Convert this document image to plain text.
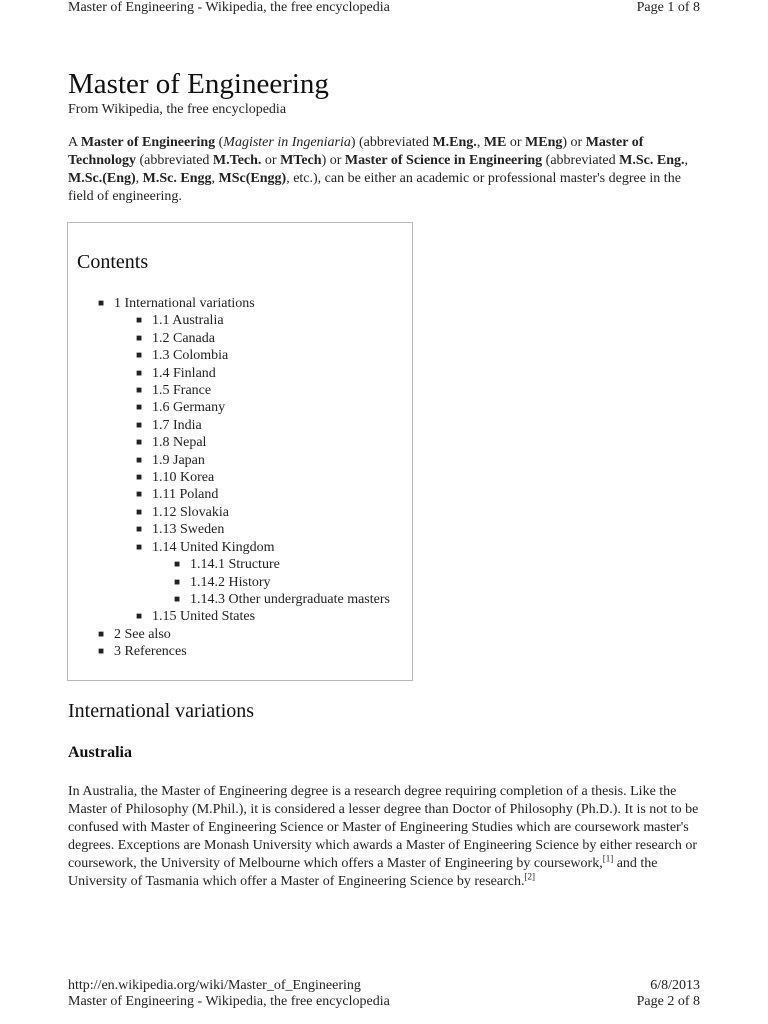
Master of Engineering - Wikipedia, the free encyclopedia	Page 1 of 8
Master of Engineering
From Wikipedia, the free encyclopedia

A Master of Engineering (Magister in Ingeniaria) (abbreviated M.Eng., ME or MEng) or Master of Technology (abbreviated M.Tech. or MTech) or Master of Science in Engineering (abbreviated M.Sc. Eng., M.Sc.(Eng), M.Sc. Engg, MSc(Engg), etc.), can be either an academic or professional master's degree in the field of engineering.

Contents
■ 1 International variations
■ 1.1 Australia
■ 1.2 Canada
■ 1.3 Colombia
■ 1.4 Finland
■ 1.5 France
■ 1.6 Germany
■ 1.7 India
■ 1.8 Nepal
■ 1.9 Japan
■ 1.10 Korea
■ 1.11 Poland
■ 1.12 Slovakia
■ 1.13 Sweden
■ 1.14 United Kingdom
■ 1.14.1 Structure
■ 1.14.2 History
■ 1.14.3 Other undergraduate masters
■ 1.15 United States
■ 2 See also
■ 3 References
International variations
Australia

In Australia, the Master of Engineering degree is a research degree requiring completion of a thesis. Like the Master of Philosophy (M.Phil.), it is considered a lesser degree than Doctor of Philosophy (Ph.D.). It is not to be confused with Master of Engineering Science or Master of Engineering Studies which are coursework master's degrees. Exceptions are Monash University which awards a Master of Engineering Science by either research or coursework, the University of Melbourne which offers a Master of Engineering by coursework,[1] and the University of Tasmania which offer a Master of Engineering Science by research.[2]

http://en.wikipedia.org/wiki/Master_of_Engineering	6/8/2013
Master of Engineering - Wikipedia, the free encyclopedia	Page 2 of 8
